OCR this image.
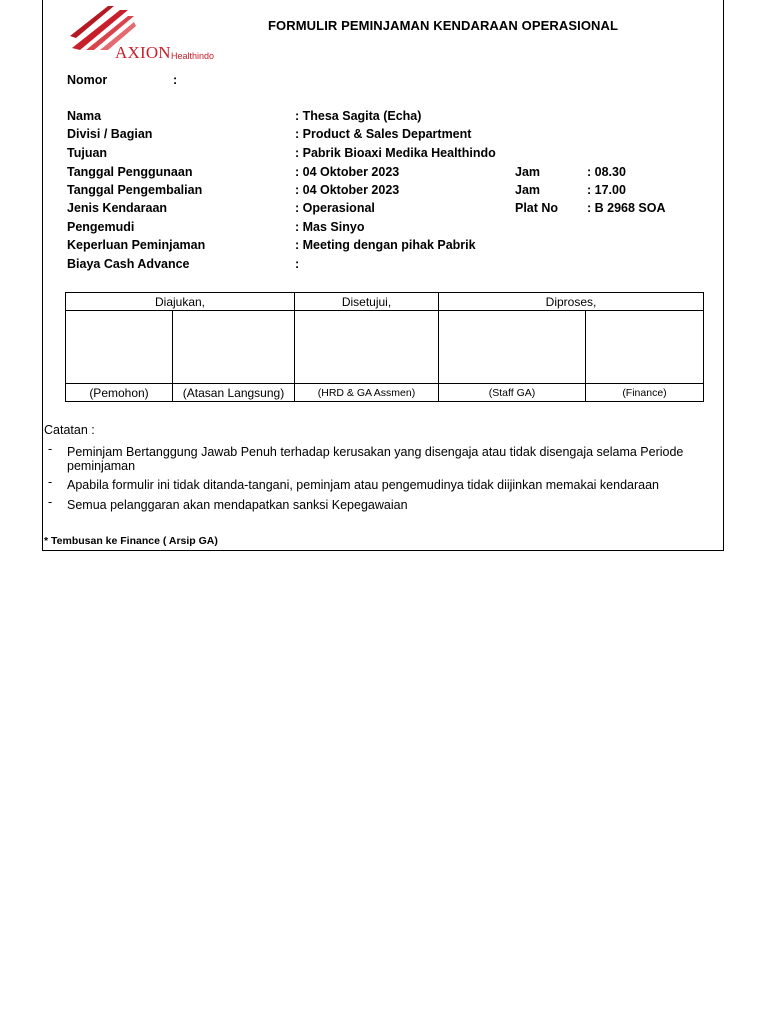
AXION Healthindo
FORMULIR PEMINJAMAN KENDARAAN OPERASIONAL
Nomor	:
Nama	: Thesa Sagita (Echa)
Divisi / Bagian	: Product & Sales Department
Tujuan	: Pabrik Bioaxi Medika Healthindo
Tanggal Penggunaan	: 04 Oktober 2023	Jam	: 08.30
Tanggal Pengembalian	: 04 Oktober 2023	Jam	: 17.00
Jenis Kendaraan	: Operasional	Plat No : B 2968 SOA
Pengemudi	: Mas Sinyo
Keperluan Peminjaman	: Meeting dengan pihak Pabrik
Biaya Cash Advance	:
Diajukan,		Disetujui,	Diproses,	

(Pemohon)	(Atasan Langsung)	(HRD & GA Assmen)	(Staff GA)	(Finance)
Catatan :
- Peminjam Bertanggung Jawab Penuh terhadap kerusakan yang disengaja atau tidak disengaja selama Periode
peminjaman
- Apabila formulir ini tidak ditanda-tangani, peminjam atau pengemudinya tidak diijinkan memakai kendaraan
- Semua pelanggaran akan mendapatkan sanksi Kepegawaian
* Tembusan ke Finance ( Arsip GA)
